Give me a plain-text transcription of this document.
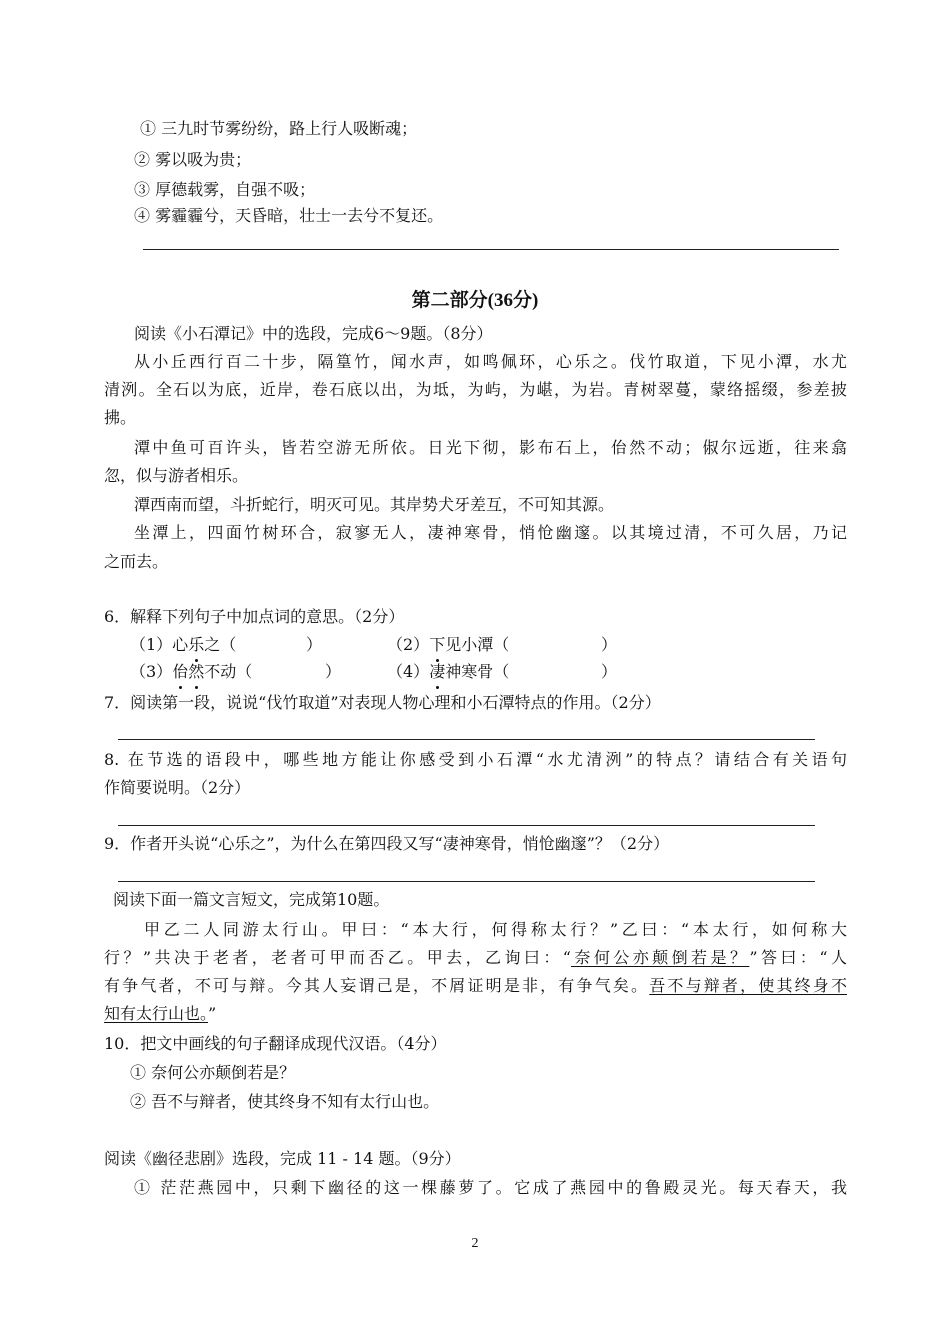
① 三九时节雾纷纷，路上行人吸断魂；
② 雾以吸为贵；
③ 厚德载雾，自强不吸；
④ 雾霾霾兮，天昏暗，壮士一去兮不复还。
第二部分(36分)
阅读《小石潭记》中的选段，完成6～9题。（8分）
从小丘西行百二十步，隔篁竹，闻水声，如鸣佩环，心乐之。伐竹取道，下见小潭，水尤
清洌。全石以为底，近岸，卷石底以出，为坻，为屿，为嵁，为岩。青树翠蔓，蒙络摇缀，参差披
拂。
潭中鱼可百许头，皆若空游无所依。日光下彻，影布石上，佁然不动；俶尔远逝，往来翕
忽，似与游者相乐。
潭西南而望，斗折蛇行，明灭可见。其岸势犬牙差互，不可知其源。
坐潭上，四面竹树环合，寂寥无人，凄神寒骨，悄怆幽邃。以其境过清，不可久居，乃记
之而去。
6．解释下列句子中加点词的意思。（2分）
（1）心乐之（	）	（2）下见小潭（	）
（3）佁然不动（	）	（4）凄神寒骨（	）
7．阅读第一段，说说“伐竹取道”对表现人物心理和小石潭特点的作用。（2分）
8. 在节选的语段中，哪些地方能让你感受到小石潭“水尤清洌”的特点？请结合有关语句
作简要说明。（2分）
9．作者开头说“心乐之”，为什么在第四段又写“凄神寒骨，悄怆幽邃”？（2分）
阅读下面一篇文言短文，完成第10题。
甲乙二人同游太行山。甲曰：“本大行，何得称太行？”乙曰：“本太行，如何称大
行？”共决于老者，老者可甲而否乙。甲去，乙询曰：“奈何公亦颠倒若是？”答曰：“人
有争气者，不可与辩。今其人妄谓己是，不屑证明是非，有争气矣。吾不与辩者，使其终身不
知有太行山也。”
10．把文中画线的句子翻译成现代汉语。（4分）
① 奈何公亦颠倒若是？
② 吾不与辩者，使其终身不知有太行山也。
阅读《幽径悲剧》选段，完成 11 - 14 题。（9分）
① 茫茫燕园中，只剩下幽径的这一棵藤萝了。它成了燕园中的鲁殿灵光。每天春天，我
2
